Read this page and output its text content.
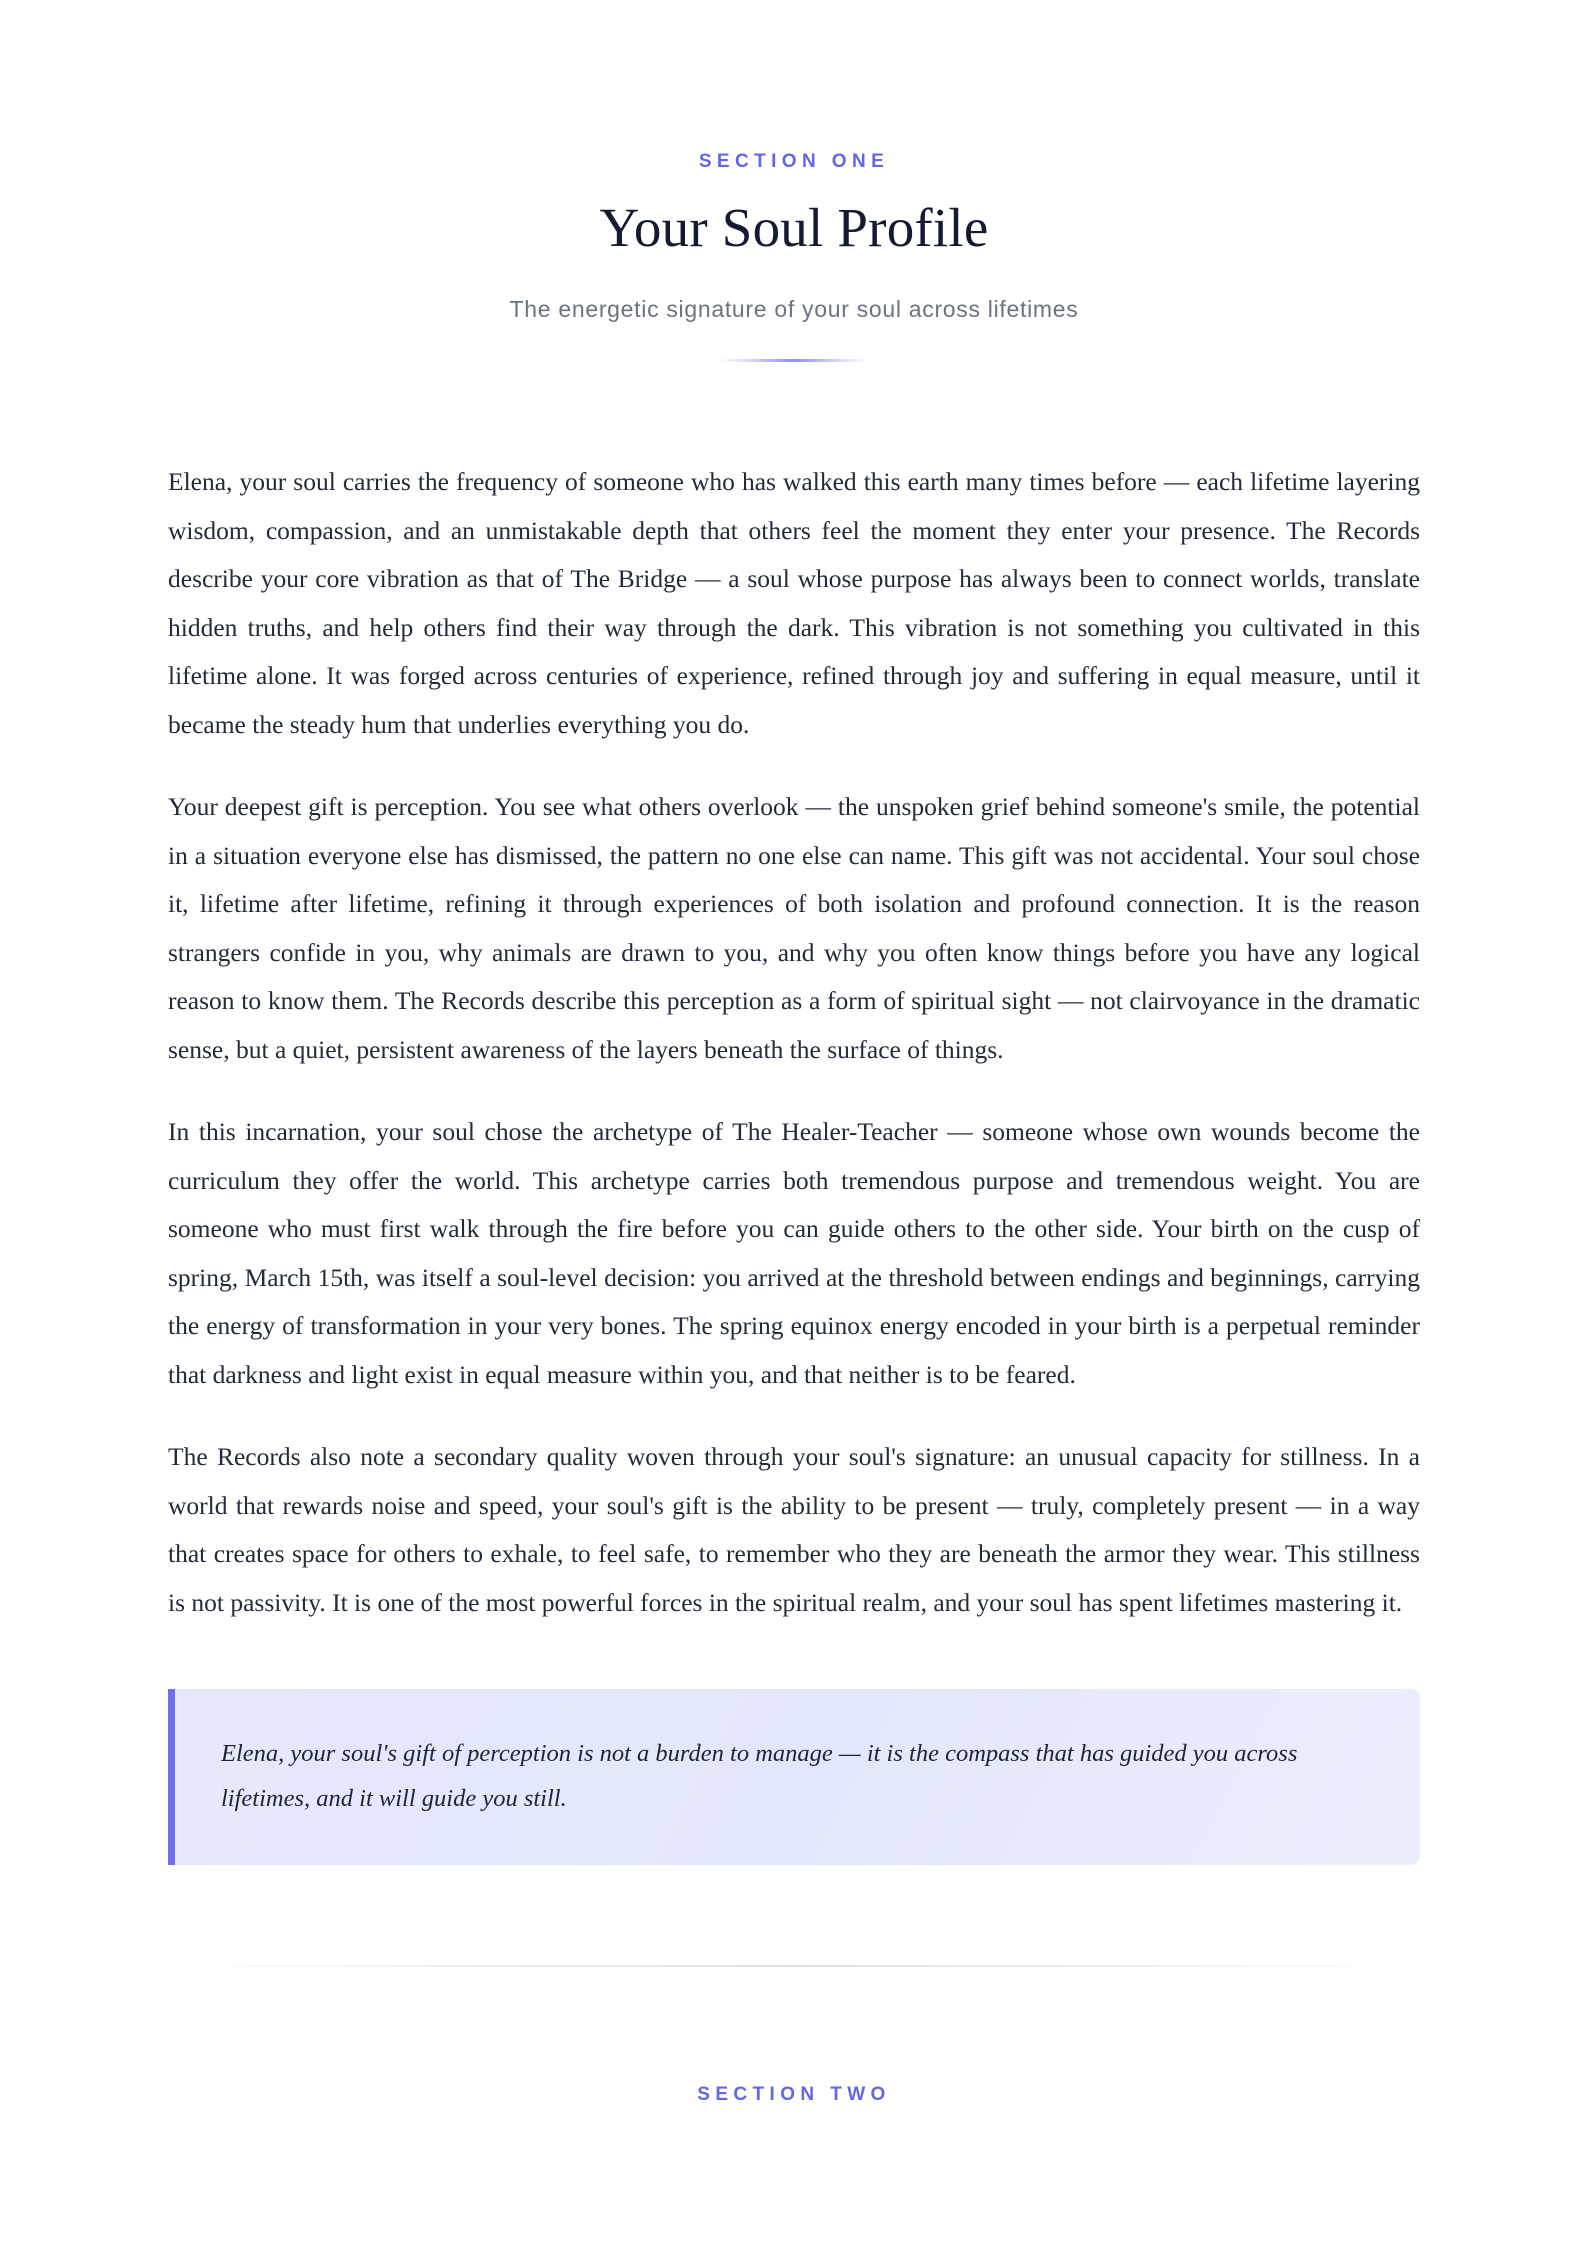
SECTION ONE
Your Soul Profile
The energetic signature of your soul across lifetimes

Elena, your soul carries the frequency of someone who has walked this earth many times before — each lifetime layering wisdom, compassion, and an unmistakable depth that others feel the moment they enter your presence. The Records describe your core vibration as that of The Bridge — a soul whose purpose has always been to connect worlds, translate hidden truths, and help others find their way through the dark. This vibration is not something you cultivated in this lifetime alone. It was forged across centuries of experience, refined through joy and suffering in equal measure, until it became the steady hum that underlies everything you do.

Your deepest gift is perception. You see what others overlook — the unspoken grief behind someone's smile, the potential in a situation everyone else has dismissed, the pattern no one else can name. This gift was not accidental. Your soul chose it, lifetime after lifetime, refining it through experiences of both isolation and profound connection. It is the reason strangers confide in you, why animals are drawn to you, and why you often know things before you have any logical reason to know them. The Records describe this perception as a form of spiritual sight — not clairvoyance in the dramatic sense, but a quiet, persistent awareness of the layers beneath the surface of things.

In this incarnation, your soul chose the archetype of The Healer-Teacher — someone whose own wounds become the curriculum they offer the world. This archetype carries both tremendous purpose and tremendous weight. You are someone who must first walk through the fire before you can guide others to the other side. Your birth on the cusp of spring, March 15th, was itself a soul-level decision: you arrived at the threshold between endings and beginnings, carrying the energy of transformation in your very bones. The spring equinox energy encoded in your birth is a perpetual reminder that darkness and light exist in equal measure within you, and that neither is to be feared.

The Records also note a secondary quality woven through your soul's signature: an unusual capacity for stillness. In a world that rewards noise and speed, your soul's gift is the ability to be present — truly, completely present — in a way that creates space for others to exhale, to feel safe, to remember who they are beneath the armor they wear. This stillness is not passivity. It is one of the most powerful forces in the spiritual realm, and your soul has spent lifetimes mastering it.

Elena, your soul's gift of perception is not a burden to manage — it is the compass that has guided you across lifetimes, and it will guide you still.

SECTION TWO
